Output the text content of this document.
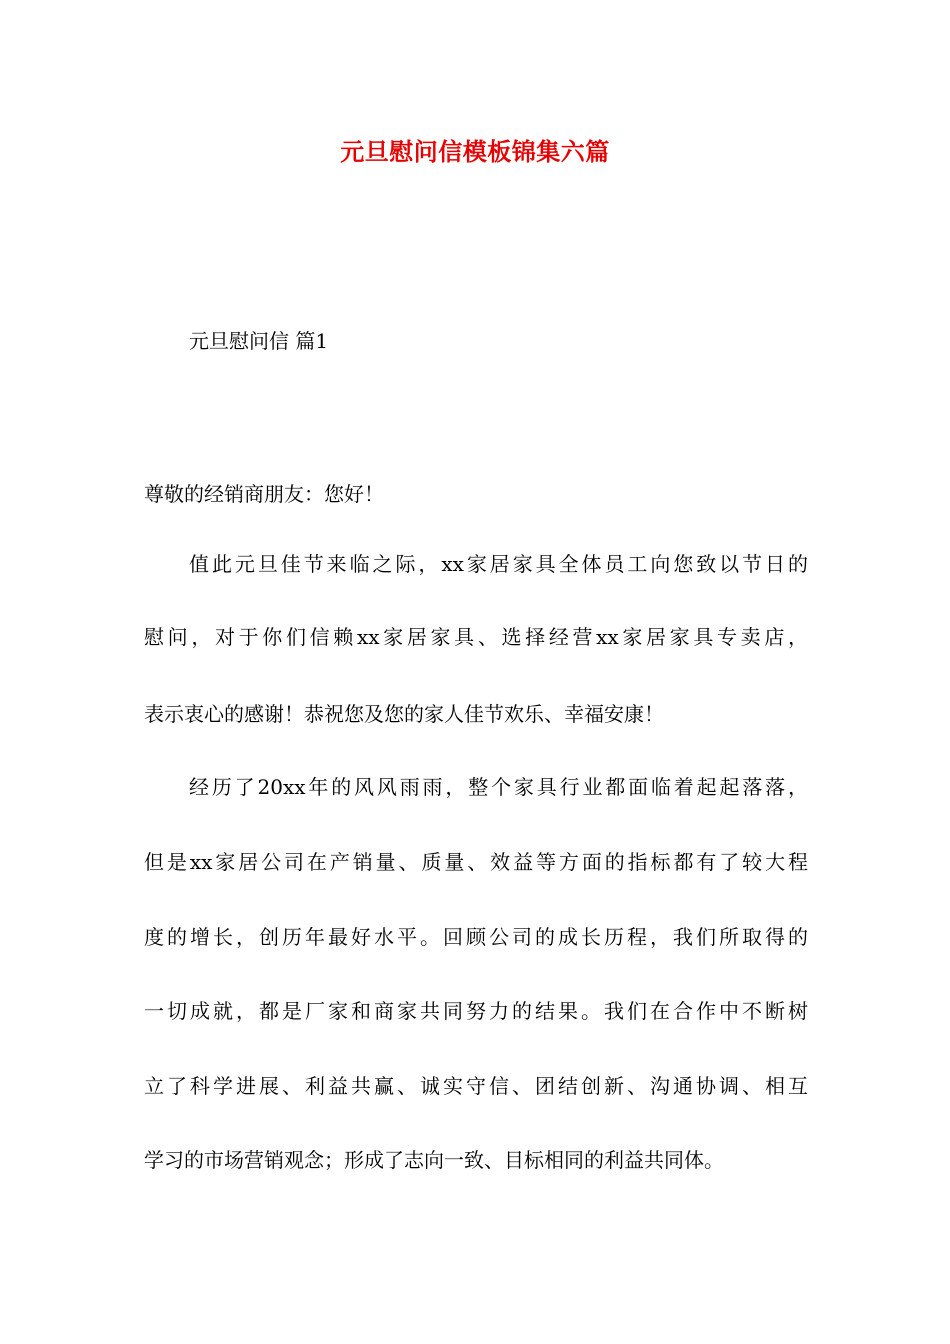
元旦慰问信模板锦集六篇
元旦慰问信 篇1
尊敬的经销商朋友：您好！
值此元旦佳节来临之际，xx家居家具全体员工向您致以节日的
慰问，对于你们信赖xx家居家具、选择经营xx家居家具专卖店，
表示衷心的感谢！恭祝您及您的家人佳节欢乐、幸福安康！
经历了20xx年的风风雨雨，整个家具行业都面临着起起落落，
但是xx家居公司在产销量、质量、效益等方面的指标都有了较大程
度的增长，创历年最好水平。回顾公司的成长历程，我们所取得的
一切成就，都是厂家和商家共同努力的结果。我们在合作中不断树
立了科学进展、利益共赢、诚实守信、团结创新、沟通协调、相互
学习的市场营销观念；形成了志向一致、目标相同的利益共同体。
